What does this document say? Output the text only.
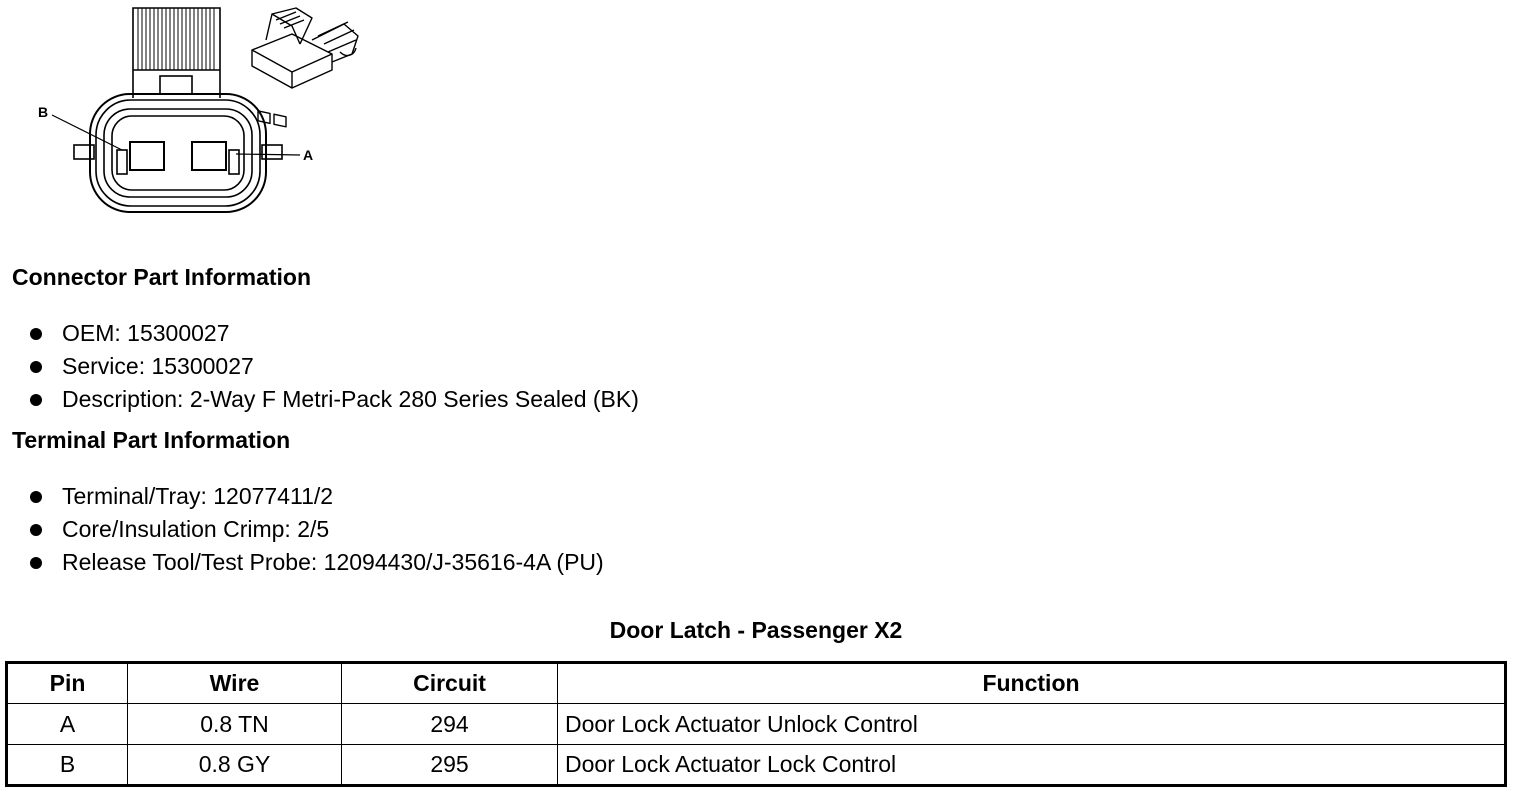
B
A
Connector Part Information
OEM: 15300027
Service: 15300027
Description: 2-Way F Metri-Pack 280 Series Sealed (BK)
Terminal Part Information
Terminal/Tray: 12077411/2
Core/Insulation Crimp: 2/5
Release Tool/Test Probe: 12094430/J-35616-4A (PU)
Door Latch - Passenger X2
Pin	Wire	Circuit	Function
A	0.8 TN	294	Door Lock Actuator Unlock Control
B	0.8 GY	295	Door Lock Actuator Lock Control
